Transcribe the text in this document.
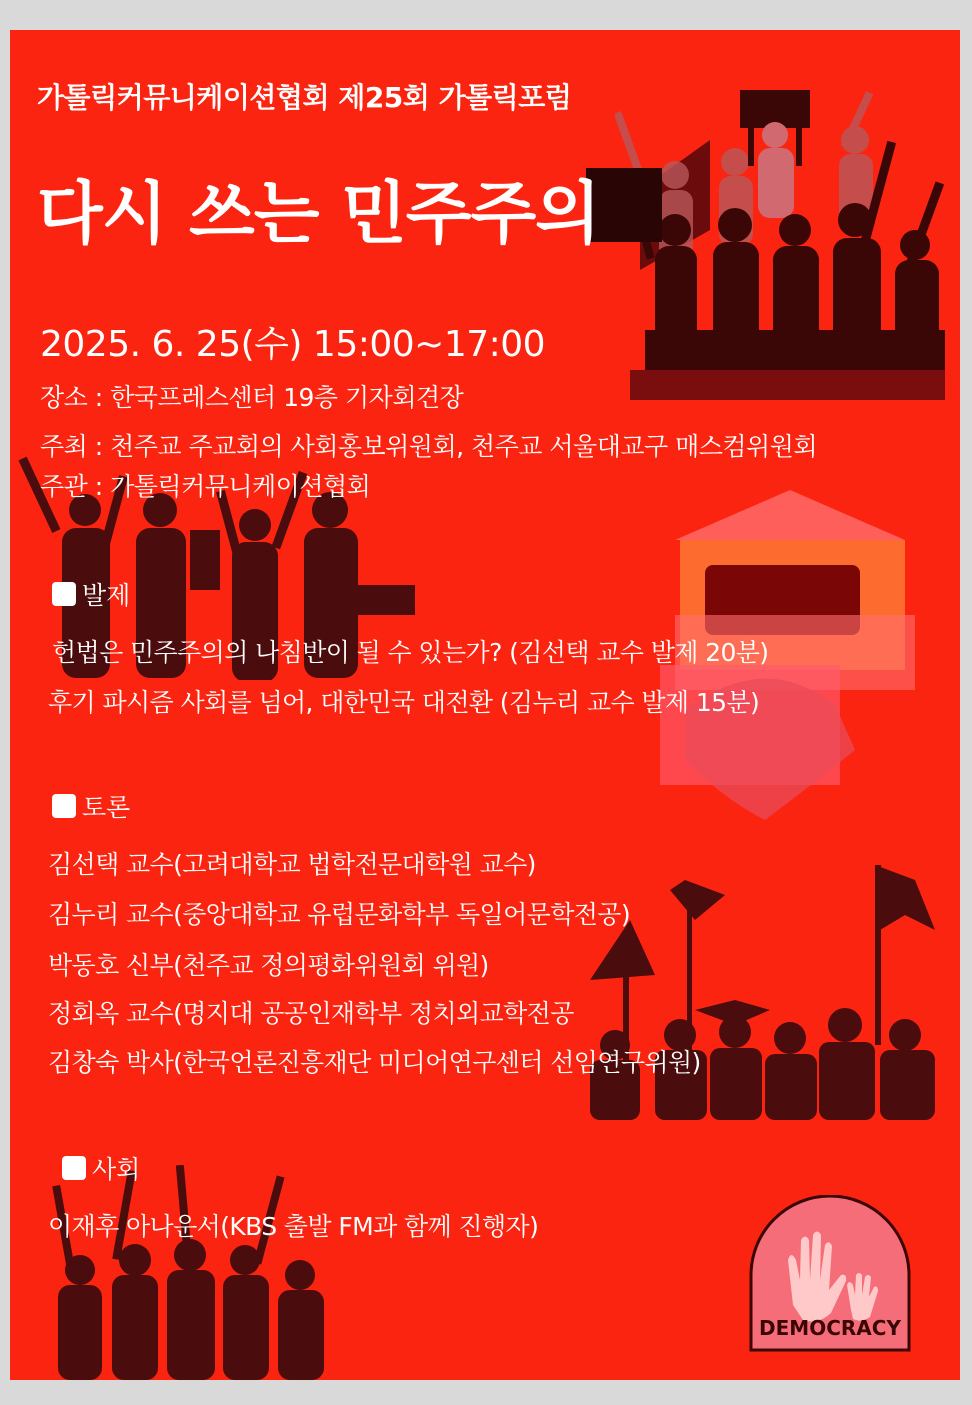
DEMOCRACY
가톨릭커뮤니케이션협회 제25회 가톨릭포럼
다시 쓰는 민주주의
2025. 6. 25(수) 15:00~17:00
장소 : 한국프레스센터 19층 기자회견장
주최 : 천주교 주교회의 사회홍보위원회, 천주교 서울대교구 매스컴위원회
주관 : 가톨릭커뮤니케이션협회
발제
헌법은 민주주의의 나침반이 될 수 있는가? (김선택 교수 발제 20분)
후기 파시즘 사회를 넘어, 대한민국 대전환 (김누리 교수 발제 15분)
토론
김선택 교수(고려대학교 법학전문대학원 교수)
김누리 교수(중앙대학교 유럽문화학부 독일어문학전공)
박동호 신부(천주교 정의평화위원회 위원)
정회옥 교수(명지대 공공인재학부 정치외교학전공
김창숙 박사(한국언론진흥재단 미디어연구센터 선임연구위원)
사회
이재후 아나운서(KBS 출발 FM과 함께 진행자)
